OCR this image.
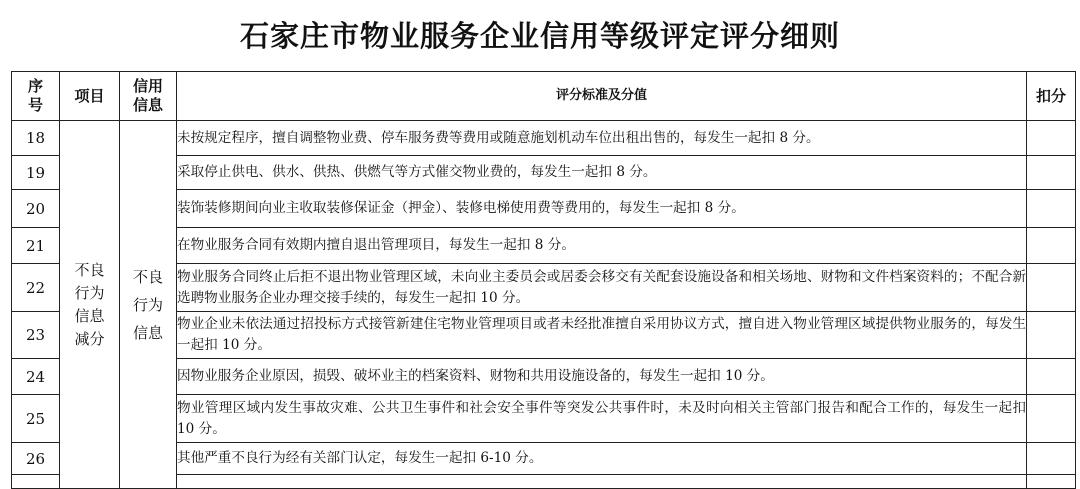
石家庄市物业服务企业信用等级评定评分细则
序号	项目	信用信息	评分标准及分值	扣分
18	不良行为信息减分	不良行为信息	未按规定程序，擅自调整物业费、停车服务费等费用或随意施划机动车位出租出售的，每发生一起扣 8 分。	
19			采取停止供电、供水、供热、供燃气等方式催交物业费的，每发生一起扣 8 分。	
20			装饰装修期间向业主收取装修保证金（押金）、装修电梯使用费等费用的，每发生一起扣 8 分。	
21			在物业服务合同有效期内擅自退出管理项目，每发生一起扣 8 分。	
22			物业服务合同终止后拒不退出物业管理区域，未向业主委员会或居委会移交有关配套设施设备和相关场地、财物和文件档案资料的；不配合新选聘物业服务企业办理交接手续的，每发生一起扣 10 分。	
23			物业企业未依法通过招投标方式接管新建住宅物业管理项目或者未经批准擅自采用协议方式，擅自进入物业管理区域提供物业服务的，每发生一起扣 10 分。	
24			因物业服务企业原因，损毁、破坏业主的档案资料、财物和共用设施设备的，每发生一起扣 10 分。	
25			物业管理区域内发生事故灾难、公共卫生事件和社会安全事件等突发公共事件时，未及时向相关主管部门报告和配合工作的，每发生一起扣 10 分。	
26			其他严重不良行为经有关部门认定，每发生一起扣 6-10 分。	
